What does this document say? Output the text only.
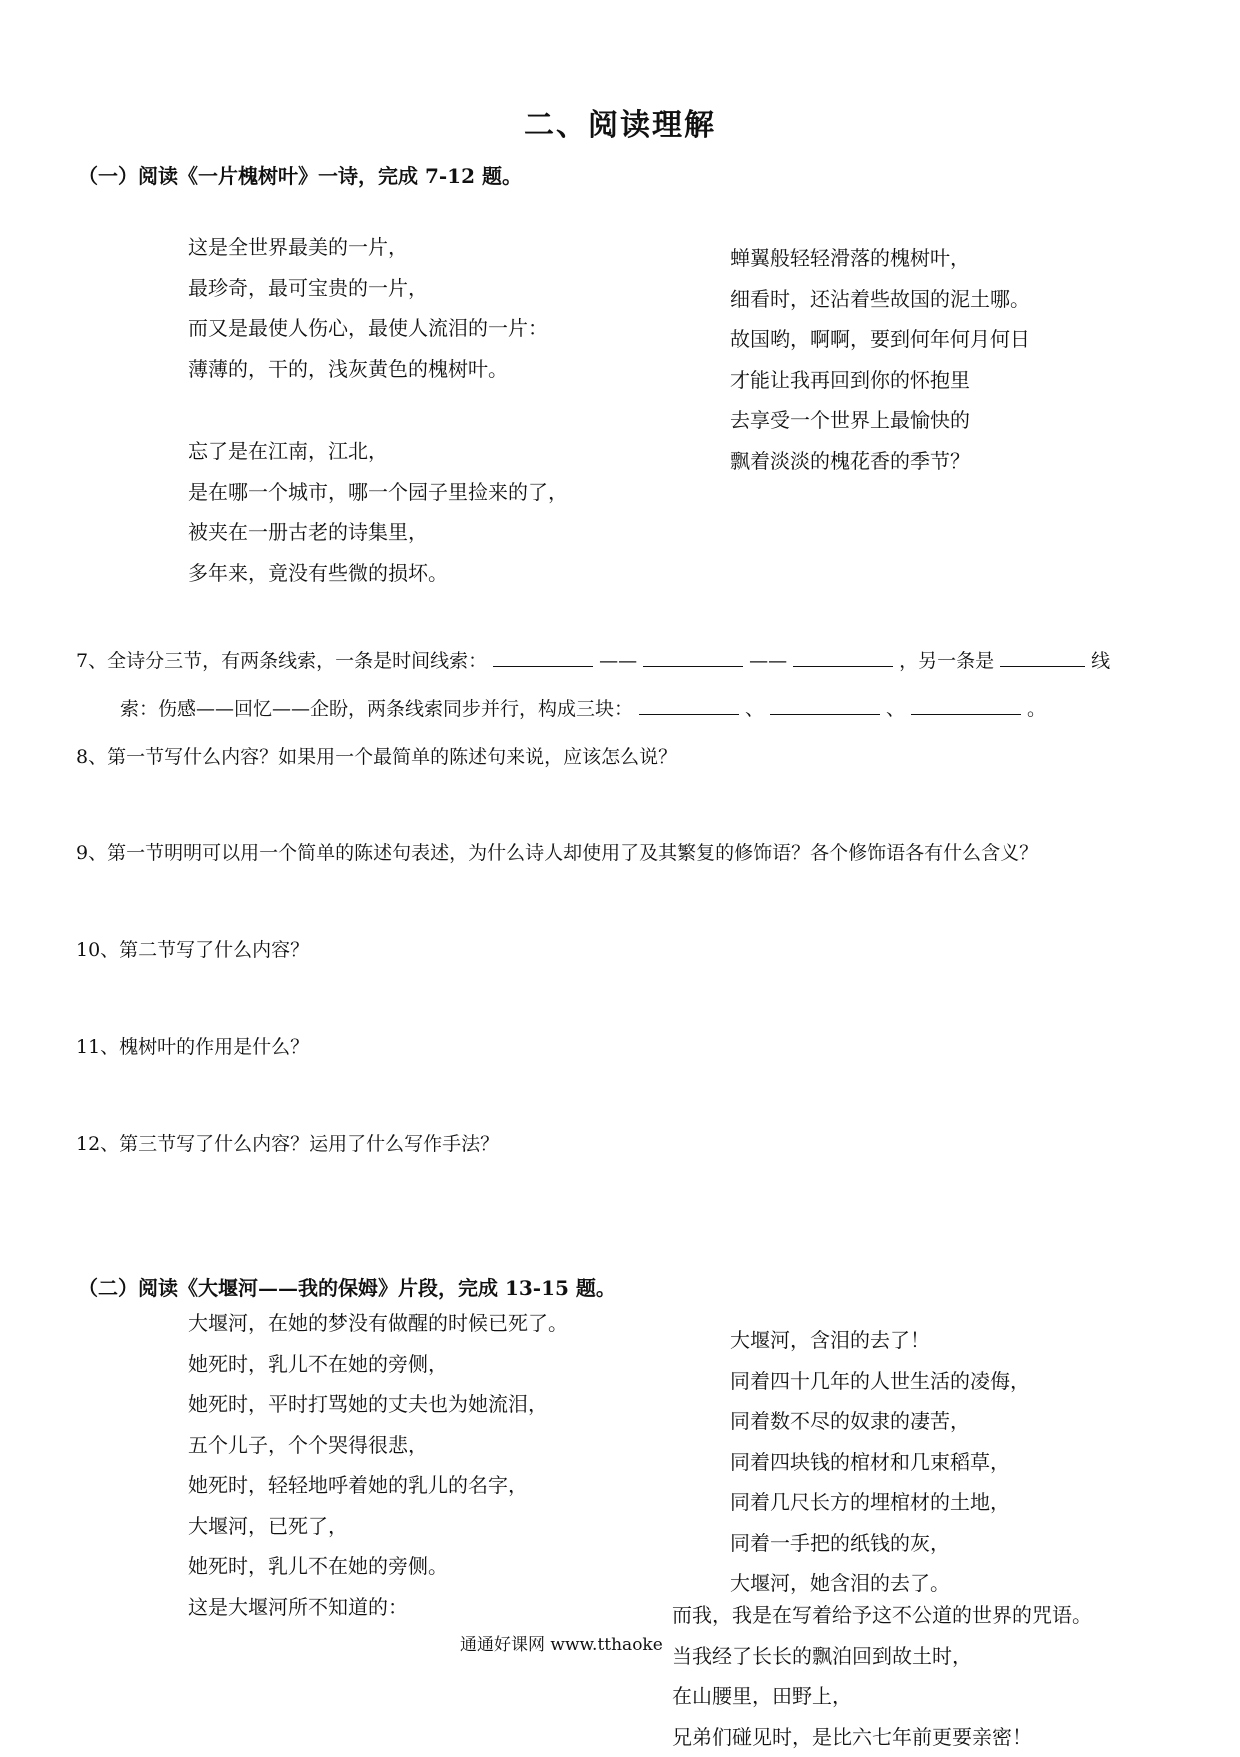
二、阅读理解
（一）阅读《一片槐树叶》一诗，完成 7-12 题。
这是全世界最美的一片，
最珍奇，最可宝贵的一片，
而又是最使人伤心，最使人流泪的一片：
薄薄的，干的，浅灰黄色的槐树叶。
忘了是在江南，江北，
是在哪一个城市，哪一个园子里捡来的了，
被夹在一册古老的诗集里，
多年来，竟没有些微的损坏。
蝉翼般轻轻滑落的槐树叶，
细看时，还沾着些故国的泥土哪。
故国哟，啊啊，要到何年何月何日
才能让我再回到你的怀抱里
去享受一个世界上最愉快的
飘着淡淡的槐花香的季节？
7、全诗分三节，有两条线索，一条是时间线索：	——	——	，另一条是	线
索：伤感——回忆——企盼，两条线索同步并行，构成三块：	、	、	。
8、第一节写什么内容？如果用一个最简单的陈述句来说，应该怎么说？
9、第一节明明可以用一个简单的陈述句表述，为什么诗人却使用了及其繁复的修饰语？各个修饰语各有什么含义？
10、第二节写了什么内容？
11、槐树叶的作用是什么？
12、第三节写了什么内容？运用了什么写作手法？
（二）阅读《大堰河——我的保姆》片段，完成 13-15 题。
大堰河，在她的梦没有做醒的时候已死了。
她死时，乳儿不在她的旁侧，
她死时，平时打骂她的丈夫也为她流泪，
五个儿子，个个哭得很悲，
她死时，轻轻地呼着她的乳儿的名字，
大堰河，已死了，
她死时，乳儿不在她的旁侧。
这是大堰河所不知道的：
大堰河，含泪的去了！
同着四十几年的人世生活的凌侮，
同着数不尽的奴隶的凄苦，
同着四块钱的棺材和几束稻草，
同着几尺长方的埋棺材的土地，
同着一手把的纸钱的灰，
大堰河，她含泪的去了。
而我，我是在写着给予这不公道的世界的咒语。
当我经了长长的飘泊回到故土时，
在山腰里，田野上，
兄弟们碰见时，是比六七年前更要亲密！
通通好课网 www.tthaoke
